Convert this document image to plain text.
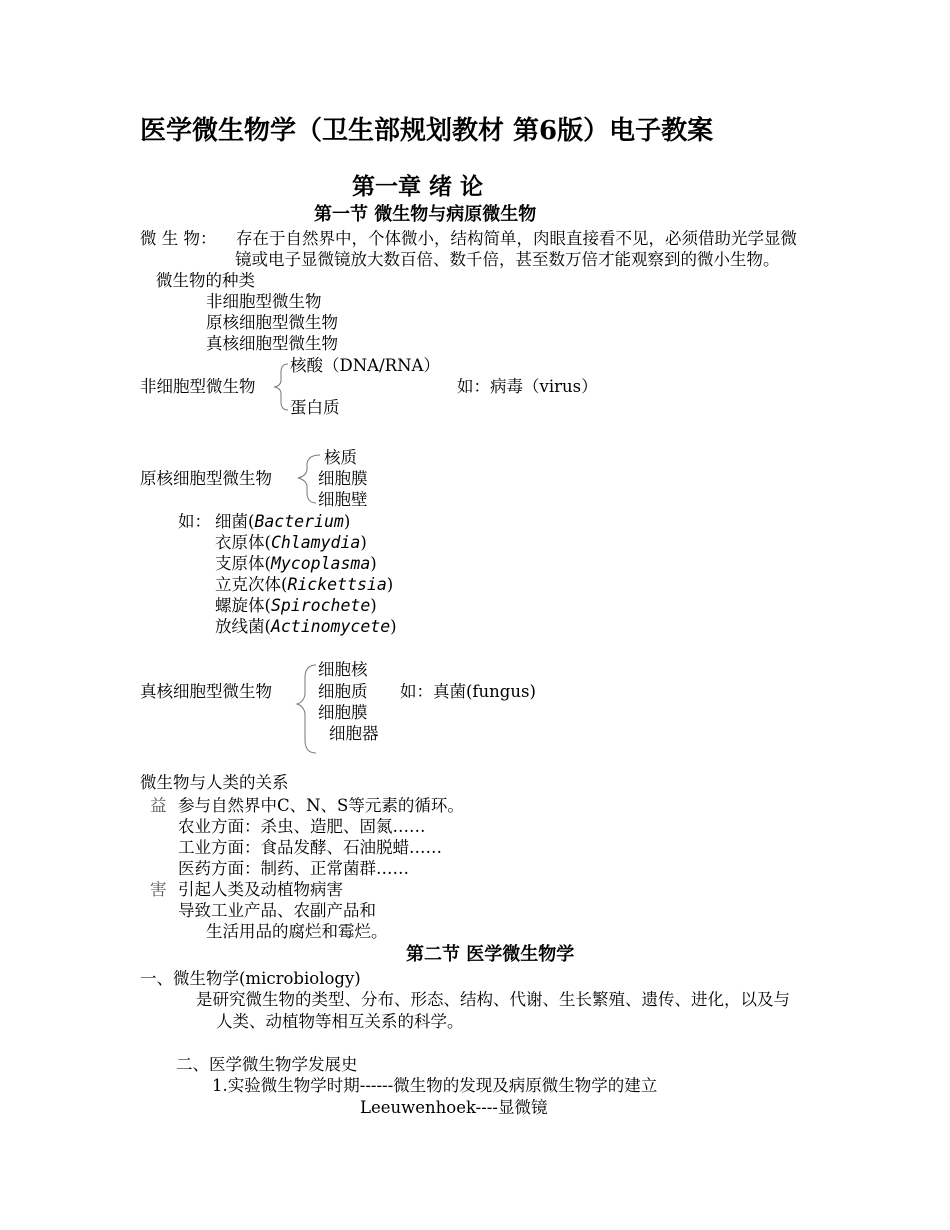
医学微生物学（卫生部规划教材 第6版）电子教案
第一章 绪 论
第一节 微生物与病原微生物
微 生 物： 存在于自然界中，个体微小，结构简单，肉眼直接看不见，必须借助光学显微
镜或电子显微镜放大数百倍、数千倍，甚至数万倍才能观察到的微小生物。
微生物的种类
非细胞型微生物
原核细胞型微生物
真核细胞型微生物
核酸（DNA/RNA）
非细胞型微生物	如：病毒（virus）
蛋白质
核质
原核细胞型微生物	细胞膜
细胞壁
如： 细菌(Bacterium)
衣原体(Chlamydia)
支原体(Mycoplasma)
立克次体(Rickettsia)
螺旋体(Spirochete)
放线菌(Actinomycete)
细胞核
真核细胞型微生物	细胞质 如：真菌(fungus)
细胞膜
细胞器
微生物与人类的关系
益 参与自然界中C、N、S等元素的循环。
农业方面：杀虫、造肥、固氮……
工业方面：食品发酵、石油脱蜡……
医药方面：制药、正常菌群……
害 引起人类及动植物病害
导致工业产品、农副产品和
生活用品的腐烂和霉烂。
第二节 医学微生物学
一、微生物学(microbiology)
是研究微生物的类型、分布、形态、结构、代谢、生长繁殖、遗传、进化，以及与
人类、动植物等相互关系的科学。
二、医学微生物学发展史
1.实验微生物学时期------微生物的发现及病原微生物学的建立
Leeuwenhoek----显微镜
